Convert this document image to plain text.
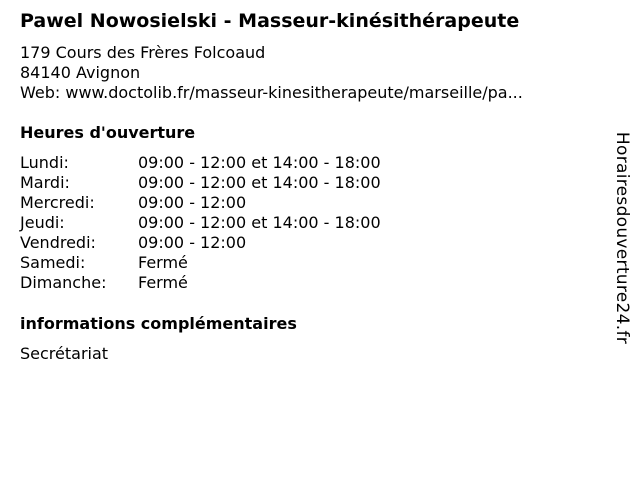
Pawel Nowosielski - Masseur-kinésithérapeute
179 Cours des Frères Folcoaud
84140 Avignon
Web: www.doctolib.fr/masseur-kinesitherapeute/marseille/pa...
Heures d'ouverture
Lundi:	09:00 - 12:00 et 14:00 - 18:00
Mardi:	09:00 - 12:00 et 14:00 - 18:00
Mercredi:	09:00 - 12:00
Jeudi:	09:00 - 12:00 et 14:00 - 18:00
Vendredi:	09:00 - 12:00
Samedi:	Fermé
Dimanche:	Fermé
informations complémentaires
Secrétariat
Horairesdouverture24.fr
